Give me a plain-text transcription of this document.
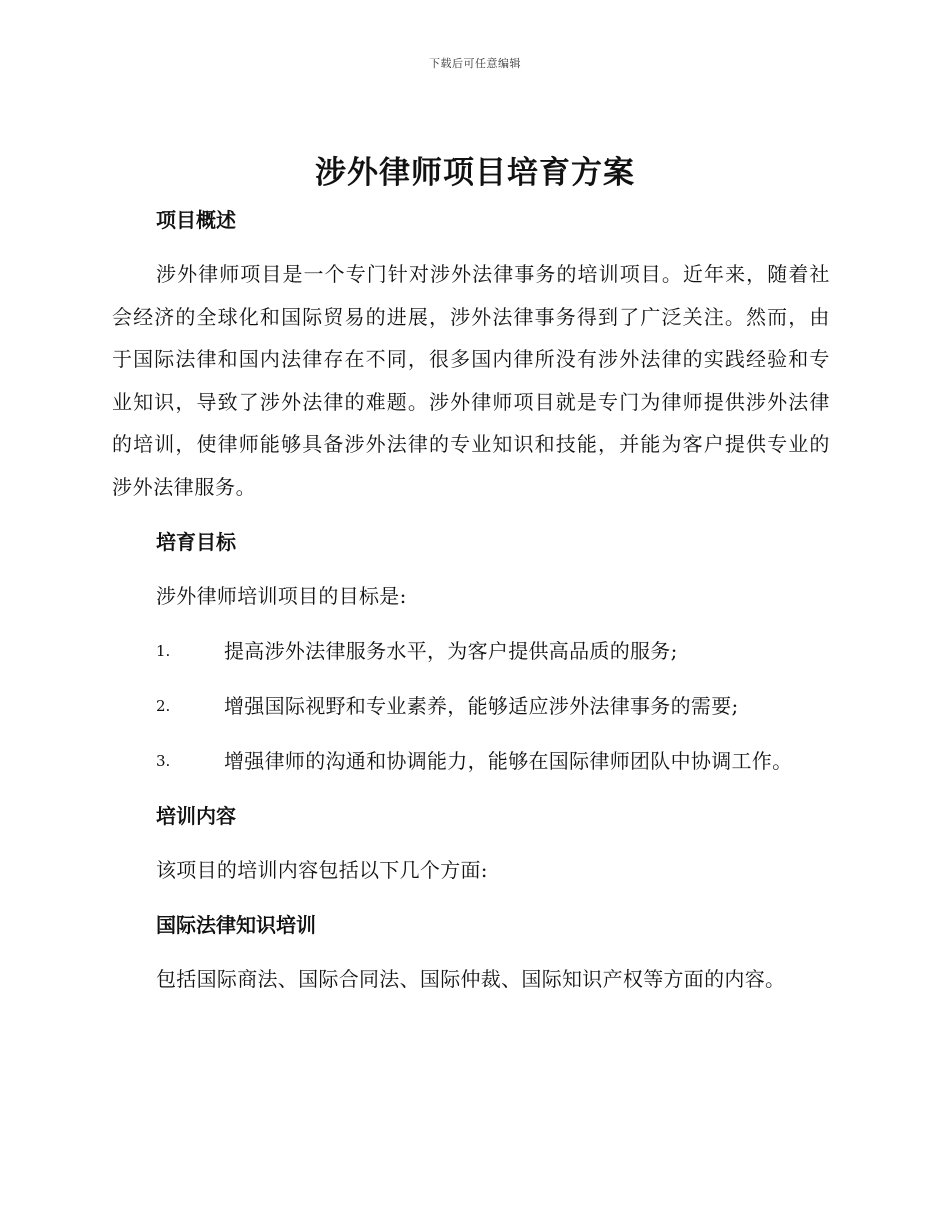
下载后可任意编辑
涉外律师项目培育方案
项目概述

涉外律师项目是一个专门针对涉外法律事务的培训项目。近年来，随着社会经济的全球化和国际贸易的进展，涉外法律事务得到了广泛关注。然而，由于国际法律和国内法律存在不同，很多国内律所没有涉外法律的实践经验和专业知识，导致了涉外法律的难题。涉外律师项目就是专门为律师提供涉外法律的培训，使律师能够具备涉外法律的专业知识和技能，并能为客户提供专业的涉外法律服务。

培育目标

涉外律师培训项目的目标是:

1.	提高涉外法律服务水平，为客户提供高品质的服务;
2.	增强国际视野和专业素养，能够适应涉外法律事务的需要;
3.	增强律师的沟通和协调能力，能够在国际律师团队中协调工作。
培训内容

该项目的培训内容包括以下几个方面:

国际法律知识培训

包括国际商法、国际合同法、国际仲裁、国际知识产权等方面的内容。
